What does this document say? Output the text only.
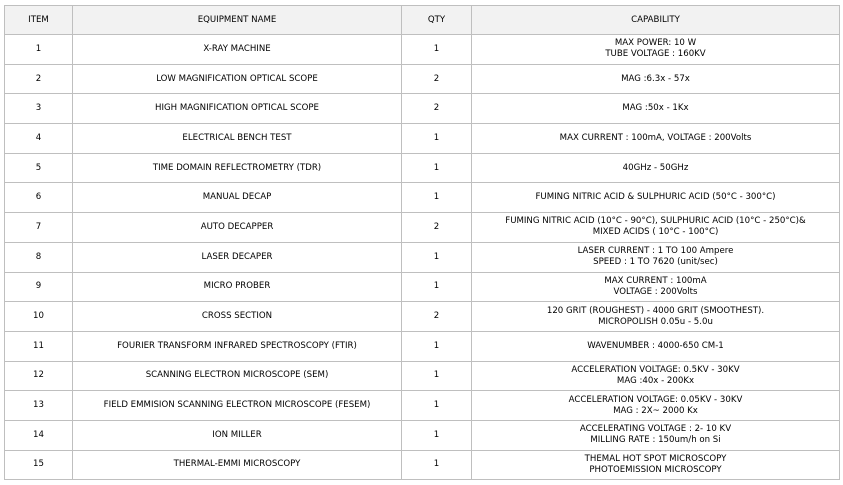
ITEM	EQUIPMENT NAME	QTY	CAPABILITY
1	X-RAY MACHINE	1	MAX POWER: 10 W
TUBE VOLTAGE : 160KV

2	LOW MAGNIFICATION OPTICAL SCOPE	2	MAG :6.3x - 57x

3	HIGH MAGNIFICATION OPTICAL SCOPE	2	MAG :50x - 1Kx

4	ELECTRICAL BENCH TEST	1	MAX CURRENT : 100mA, VOLTAGE : 200Volts

5	TIME DOMAIN REFLECTROMETRY (TDR)	1	40GHz - 50GHz

6	MANUAL DECAP	1	FUMING NITRIC ACID & SULPHURIC ACID (50°C - 300°C)

7	AUTO DECAPPER	2	FUMING NITRIC ACID (10°C - 90°C), SULPHURIC ACID (10°C - 250°C)&
MIXED ACIDS ( 10°C - 100°C)

8	LASER DECAPER	1	LASER CURRENT : 1 TO 100 Ampere
SPEED : 1 TO 7620 (unit/sec)

9	MICRO PROBER	1	MAX CURRENT : 100mA
VOLTAGE : 200Volts

10	CROSS SECTION	2	120 GRIT (ROUGHEST) - 4000 GRIT (SMOOTHEST).
MICROPOLISH 0.05u - 5.0u

11	FOURIER TRANSFORM INFRARED SPECTROSCOPY (FTIR)	1	WAVENUMBER : 4000-650 CM-1

12	SCANNING ELECTRON MICROSCOPE (SEM)	1	ACCELERATION VOLTAGE: 0.5KV - 30KV
MAG :40x - 200Kx

13	FIELD EMMISION SCANNING ELECTRON MICROSCOPE (FESEM)	1	ACCELERATION VOLTAGE: 0.05KV - 30KV
MAG : 2X~ 2000 Kx

14	ION MILLER	1	ACCELERATING VOLTAGE : 2- 10 KV
MILLING RATE : 150um/h on Si

15	THERMAL-EMMI MICROSCOPY	1	THEMAL HOT SPOT MICROSCOPY
PHOTOEMISSION MICROSCOPY
